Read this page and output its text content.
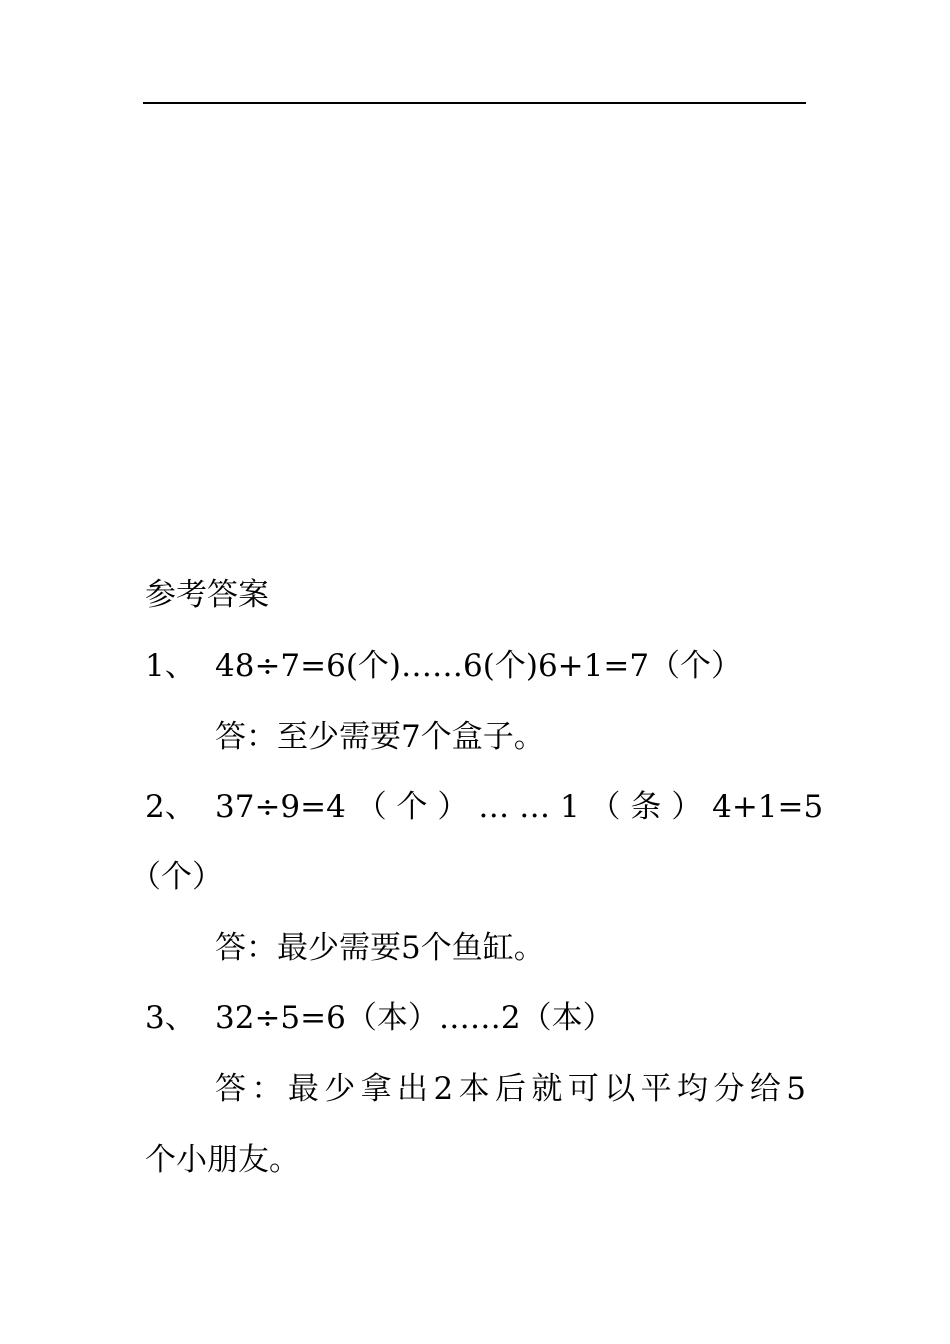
参考答案
1、 48÷7=6(个)……6(个)6+1=7（个）
答：至少需要7个盒子。
2、 37÷9=4 （ 个 ） … … 1 （ 条 ） 4+1=5
（个）
答：最少需要5个鱼缸。
3、 32÷5=6（本）……2（本）
答：最少拿出2本后就可以平均分给5
个小朋友。
